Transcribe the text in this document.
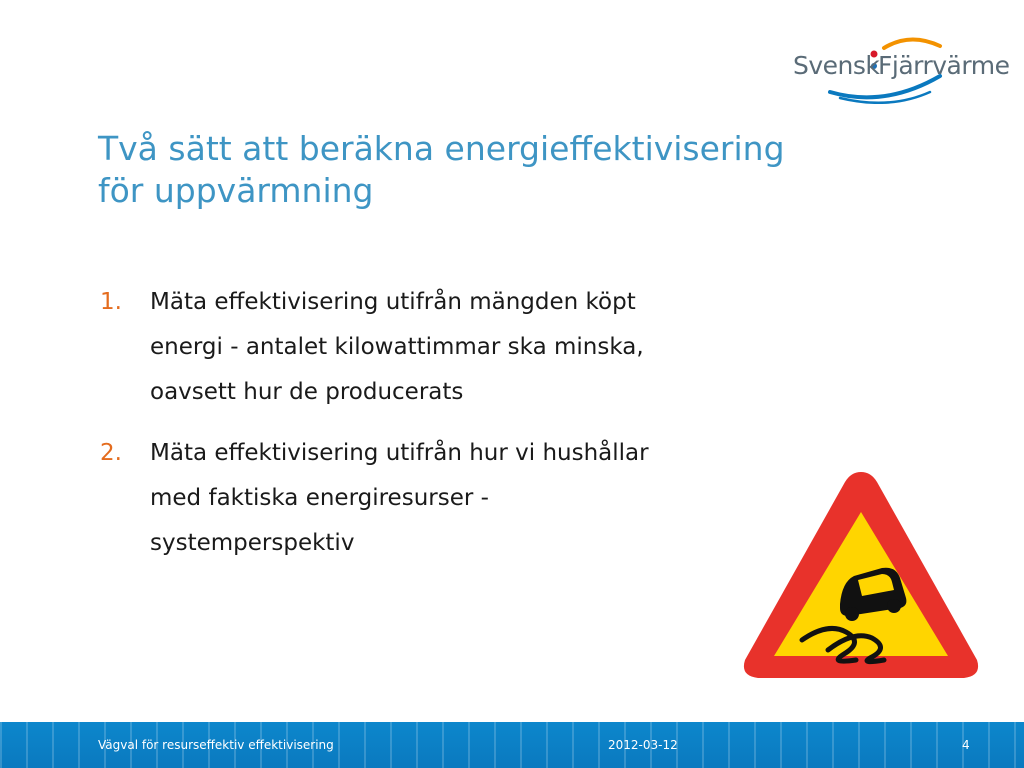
Svensk
Fjärrvärme
Två sätt att beräkna energieffektivisering
för uppvärmning
1.	Mäta effektivisering utifrån mängden köpt
energi - antalet kilowattimmar ska minska,
oavsett hur de producerats
2.	Mäta effektivisering utifrån hur vi hushållar
med faktiska energiresurser -
systemperspektiv
Vägval för resurseffektiv effektivisering	2012-03-12	4
